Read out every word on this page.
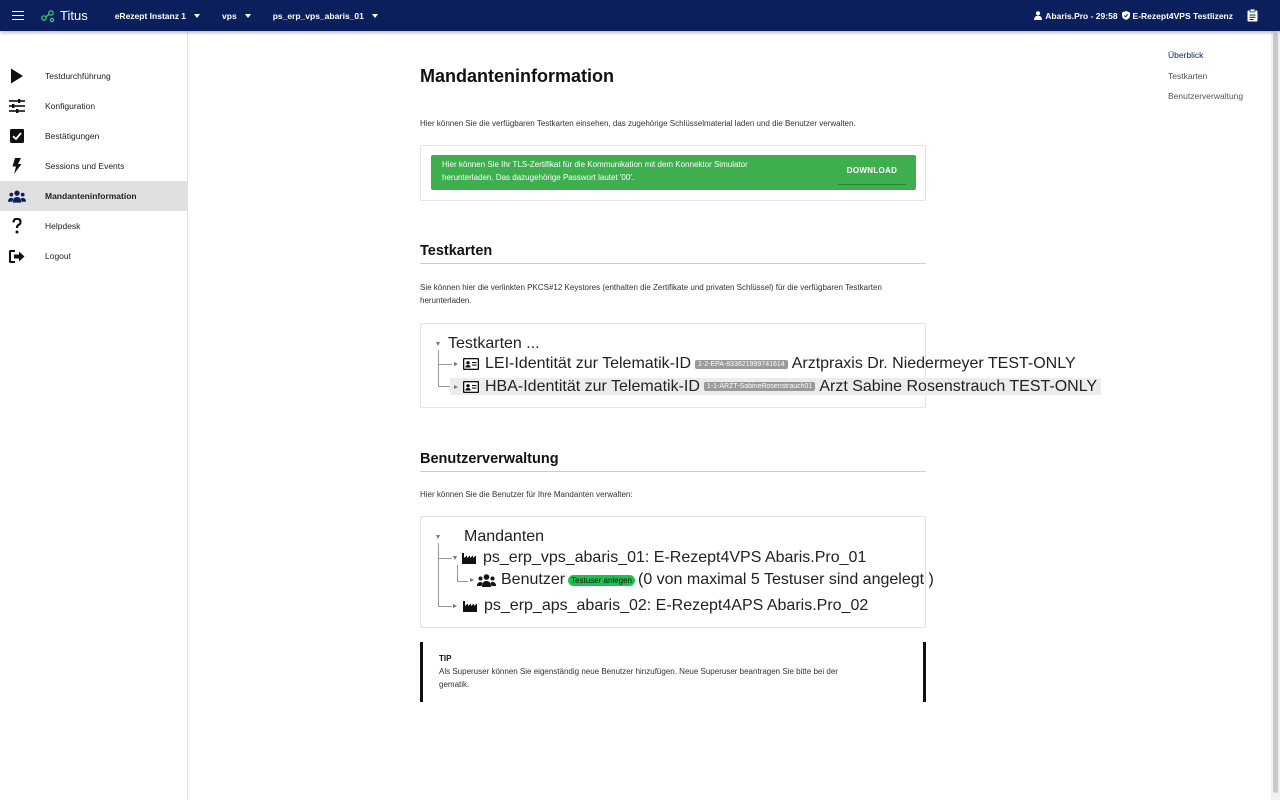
Titus	eRezept Instanz 1	vps	ps_erp_vps_abaris_01	Abaris.Pro - 29:58 E-Rezept4VPS Testlizenz
Testdurchführung
Konfiguration
Bestätigungen
Sessions und Events
Mandanteninformation
Helpdesk
Logout
Überblick
Testkarten
Benutzerverwaltung
Mandanteninformation
Hier können Sie die verfügbaren Testkarten einsehen, das zugehörige Schlüsselmaterial laden und die Benutzer verwalten.
Hier können Sie Ihr TLS-Zertifikat für die Kommunikation mit dem Konnektor Simulator
herunterladen. Das dazugehörige Passwort lautet '00'.
DOWNLOAD
Testkarten
Sie können hier die verlinkten PKCS#12 Keystores (enthalten die Zertifikate und privaten Schlüssel) für die verfügbaren Testkarten
herunterladen.
Testkarten ...
LEI-Identität zur Telematik-ID	1-2-EPA-833621999741614 Arztpraxis Dr. Niedermeyer TEST-ONLY
HBA-Identität zur Telematik-ID	1-1-ARZT-SabineRosenstrauch01 Arzt Sabine Rosenstrauch TEST-ONLY
Benutzerverwaltung
Hier können Sie die Benutzer für Ihre Mandanten verwalten:
Mandanten
ps_erp_vps_abaris_01: E-Rezept4VPS Abaris.Pro_01
Benutzer Testuser anlegen (0 von maximal 5 Testuser sind angelegt )
ps_erp_aps_abaris_02: E-Rezept4APS Abaris.Pro_02
TIP
Als Superuser können Sie eigenständig neue Benutzer hinzufügen. Neue Superuser beantragen Sie bitte bei der
gematik.
